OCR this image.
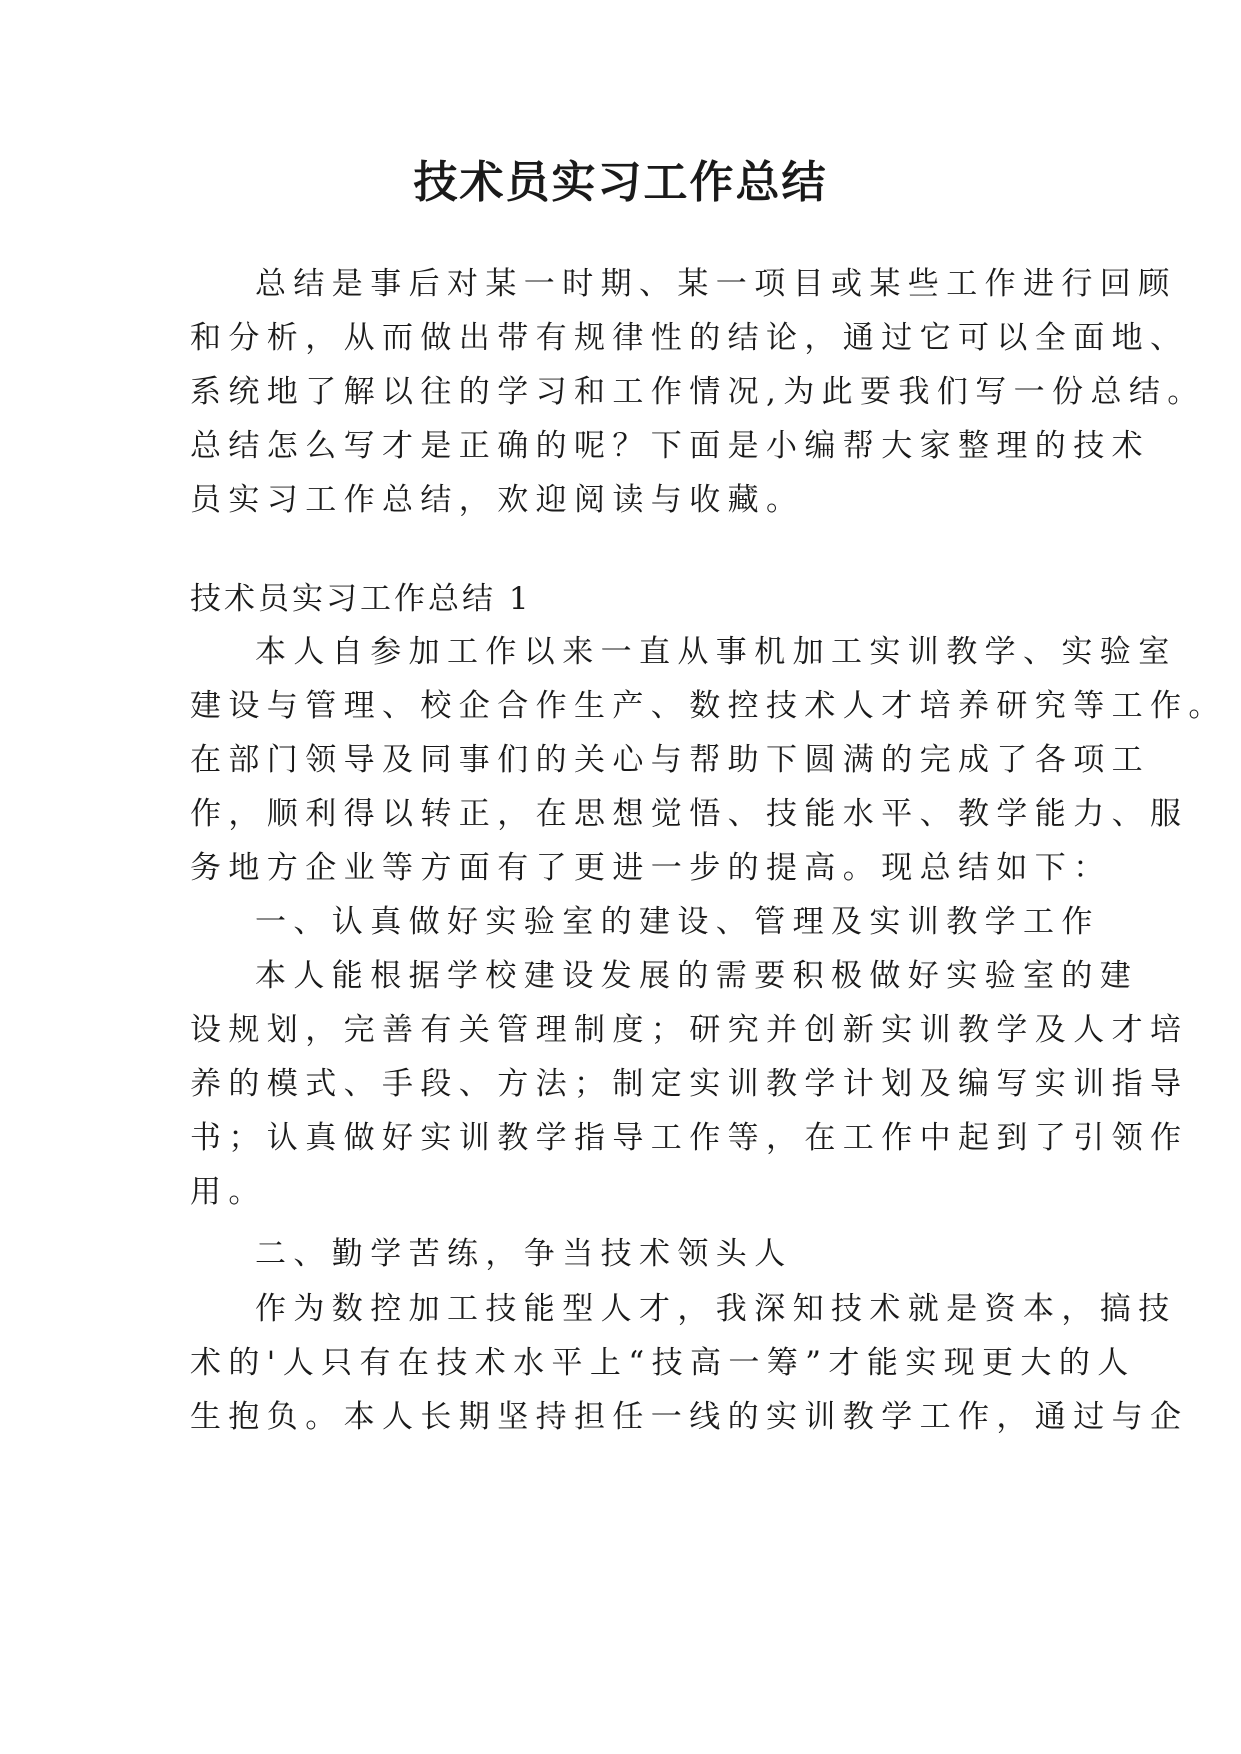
技术员实习工作总结
总结是事后对某一时期、某一项目或某些工作进行回顾
和分析，从而做出带有规律性的结论，通过它可以全面地、
系统地了解以往的学习和工作情况,为此要我们写一份总结。
总结怎么写才是正确的呢？下面是小编帮大家整理的技术
员实习工作总结，欢迎阅读与收藏。
技术员实习工作总结 1
本人自参加工作以来一直从事机加工实训教学、实验室
建设与管理、校企合作生产、数控技术人才培养研究等工作。
在部门领导及同事们的关心与帮助下圆满的完成了各项工
作，顺利得以转正，在思想觉悟、技能水平、教学能力、服
务地方企业等方面有了更进一步的提高。现总结如下：
一、认真做好实验室的建设、管理及实训教学工作
本人能根据学校建设发展的需要积极做好实验室的建
设规划，完善有关管理制度；研究并创新实训教学及人才培
养的模式、手段、方法；制定实训教学计划及编写实训指导
书；认真做好实训教学指导工作等，在工作中起到了引领作
用。
二、勤学苦练，争当技术领头人
作为数控加工技能型人才，我深知技术就是资本，搞技
术的'人只有在技术水平上“技高一筹”才能实现更大的人
生抱负。本人长期坚持担任一线的实训教学工作，通过与企
